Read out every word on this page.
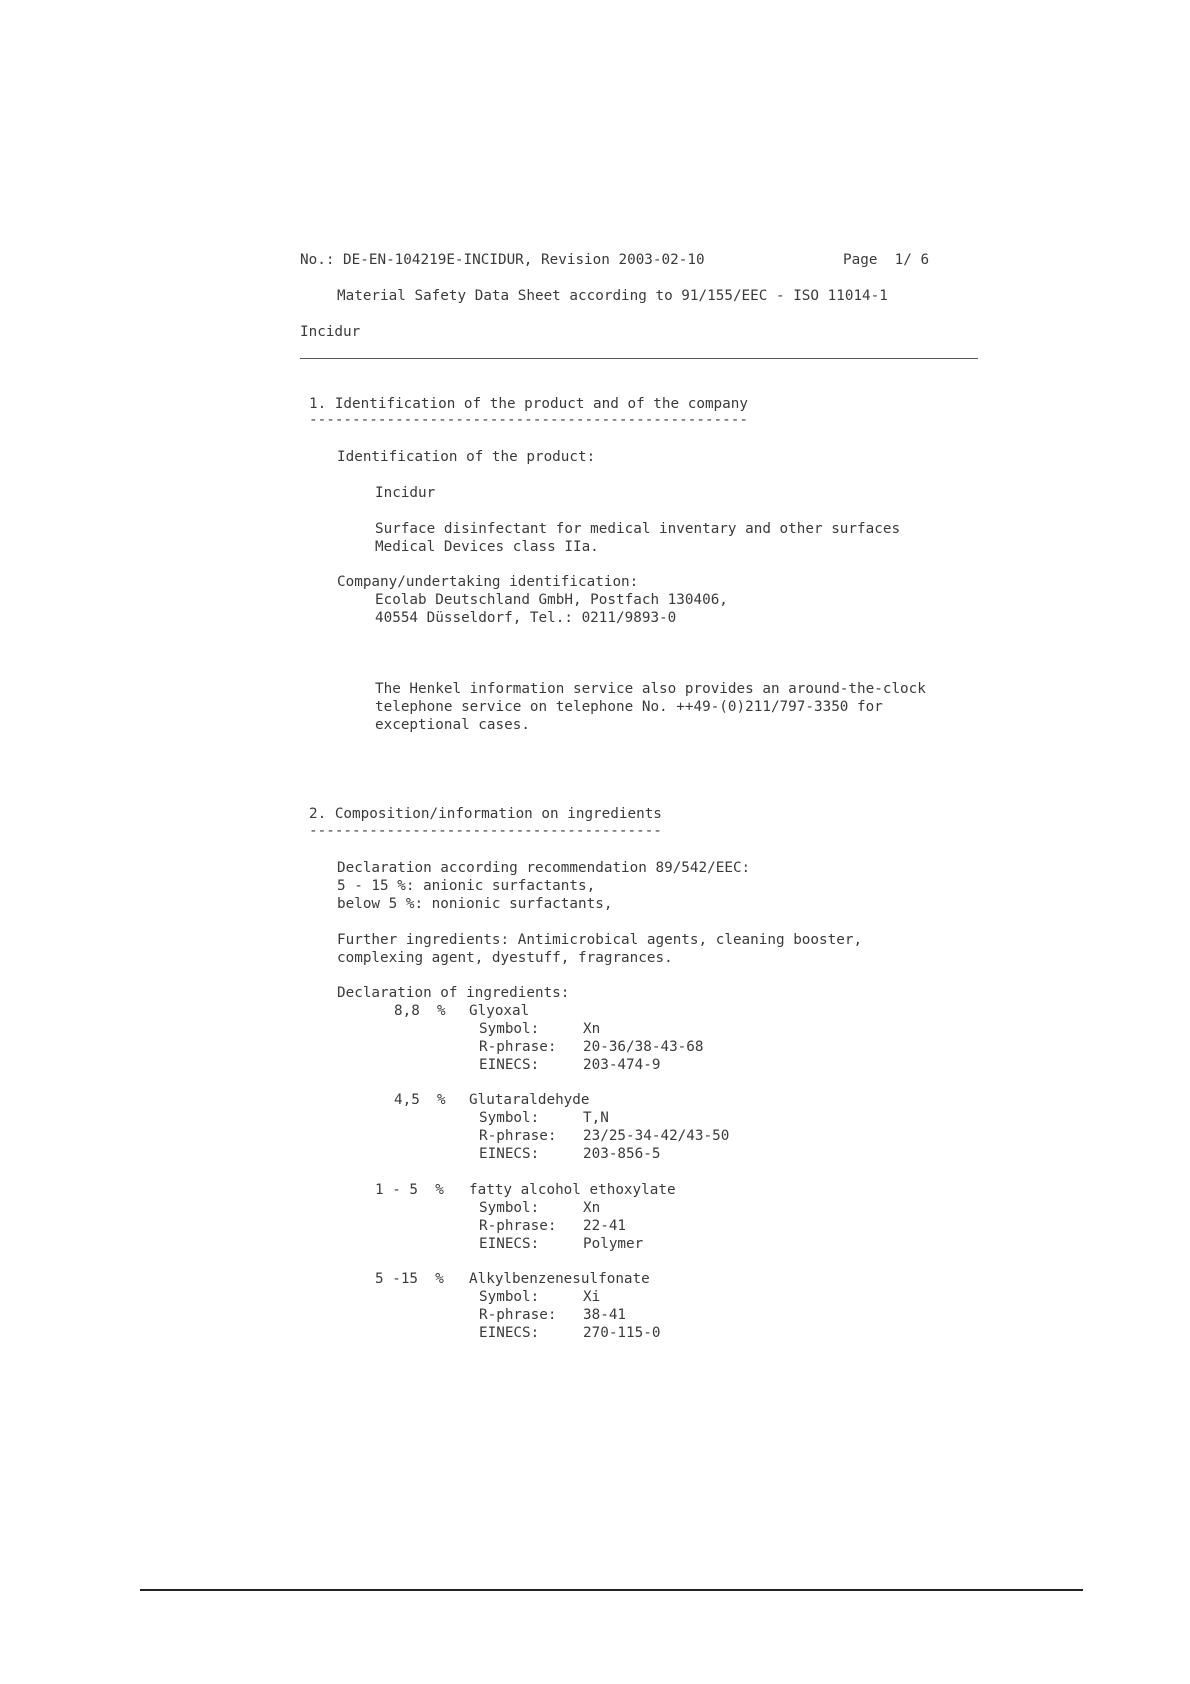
No.: DE-EN-104219E-INCIDUR, Revision 2003-02-10	Page  1/ 6
Material Safety Data Sheet according to 91/155/EEC - ISO 11014-1
Incidur
1. Identification of the product and of the company
---------------------------------------------------
Identification of the product:
Incidur
Surface disinfectant for medical inventary and other surfaces
Medical Devices class IIa.
Company/undertaking identification:
Ecolab Deutschland GmbH, Postfach 130406,
40554 Düsseldorf, Tel.: 0211/9893-0
The Henkel information service also provides an around-the-clock
telephone service on telephone No. ++49-(0)211/797-3350 for
exceptional cases.
2. Composition/information on ingredients
-----------------------------------------
Declaration according recommendation 89/542/EEC:
5 - 15 %: anionic surfactants,
below 5 %: nonionic surfactants,
Further ingredients: Antimicrobical agents, cleaning booster,
complexing agent, dyestuff, fragrances.
Declaration of ingredients:
8,8  % Glyoxal
Symbol:	Xn
R-phrase: 20-36/38-43-68
EINECS:	203-474-9
4,5  % Glutaraldehyde
Symbol:	T,N
R-phrase: 23/25-34-42/43-50
EINECS:	203-856-5
1 - 5  % fatty alcohol ethoxylate
Symbol:	Xn
R-phrase: 22-41
EINECS:	Polymer
5 -15  % Alkylbenzenesulfonate
Symbol:	Xi
R-phrase: 38-41
EINECS:	270-115-0
